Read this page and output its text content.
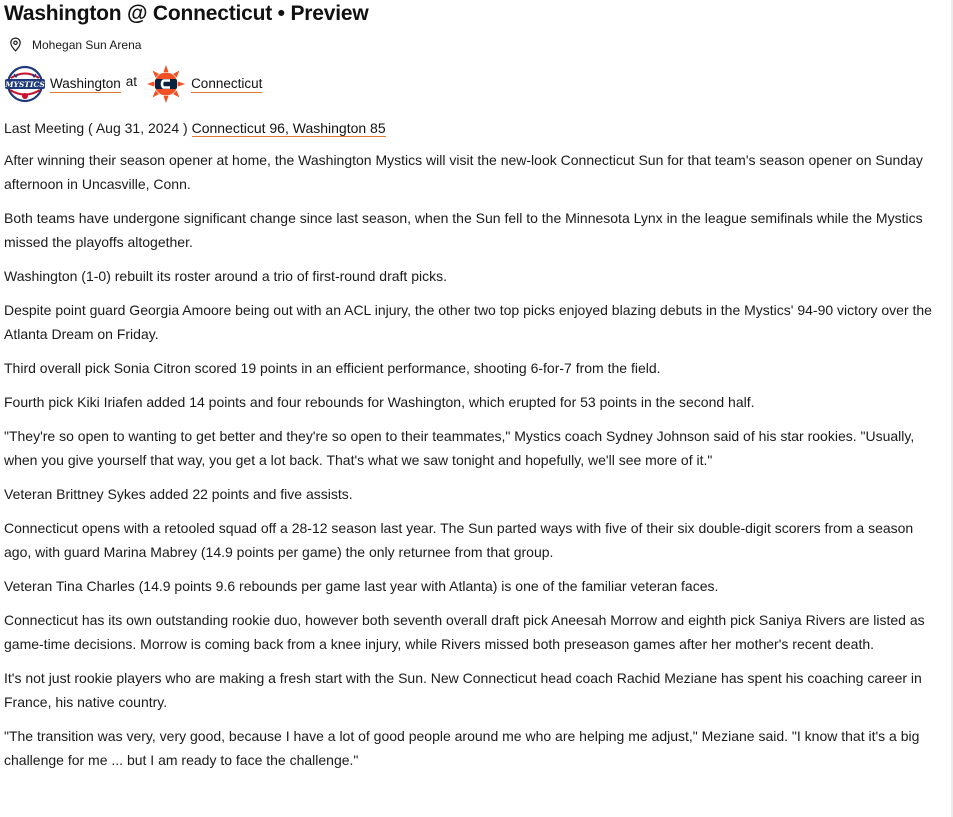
Washington @ Connecticut • Preview
Mohegan Sun Arena
MYSTICS Washington at	Connecticut
Last Meeting ( Aug 31, 2024 ) Connecticut 96, Washington 85

After winning their season opener at home, the Washington Mystics will visit the new-look Connecticut Sun for that team's season opener on Sunday afternoon in Uncasville, Conn.

Both teams have undergone significant change since last season, when the Sun fell to the Minnesota Lynx in the league semifinals while the Mystics missed the playoffs altogether.

Washington (1-0) rebuilt its roster around a trio of first-round draft picks.

Despite point guard Georgia Amoore being out with an ACL injury, the other two top picks enjoyed blazing debuts in the Mystics' 94-90 victory over the Atlanta Dream on Friday.

Third overall pick Sonia Citron scored 19 points in an efficient performance, shooting 6-for-7 from the field.

Fourth pick Kiki Iriafen added 14 points and four rebounds for Washington, which erupted for 53 points in the second half.

"They're so open to wanting to get better and they're so open to their teammates," Mystics coach Sydney Johnson said of his star rookies. "Usually, when you give yourself that way, you get a lot back. That's what we saw tonight and hopefully, we'll see more of it."

Veteran Brittney Sykes added 22 points and five assists.

Connecticut opens with a retooled squad off a 28-12 season last year. The Sun parted ways with five of their six double-digit scorers from a season ago, with guard Marina Mabrey (14.9 points per game) the only returnee from that group.

Veteran Tina Charles (14.9 points 9.6 rebounds per game last year with Atlanta) is one of the familiar veteran faces.

Connecticut has its own outstanding rookie duo, however both seventh overall draft pick Aneesah Morrow and eighth pick Saniya Rivers are listed as game-time decisions. Morrow is coming back from a knee injury, while Rivers missed both preseason games after her mother's recent death.

It's not just rookie players who are making a fresh start with the Sun. New Connecticut head coach Rachid Meziane has spent his coaching career in France, his native country.

"The transition was very, very good, because I have a lot of good people around me who are helping me adjust," Meziane said. "I know that it's a big challenge for me ... but I am ready to face the challenge."
